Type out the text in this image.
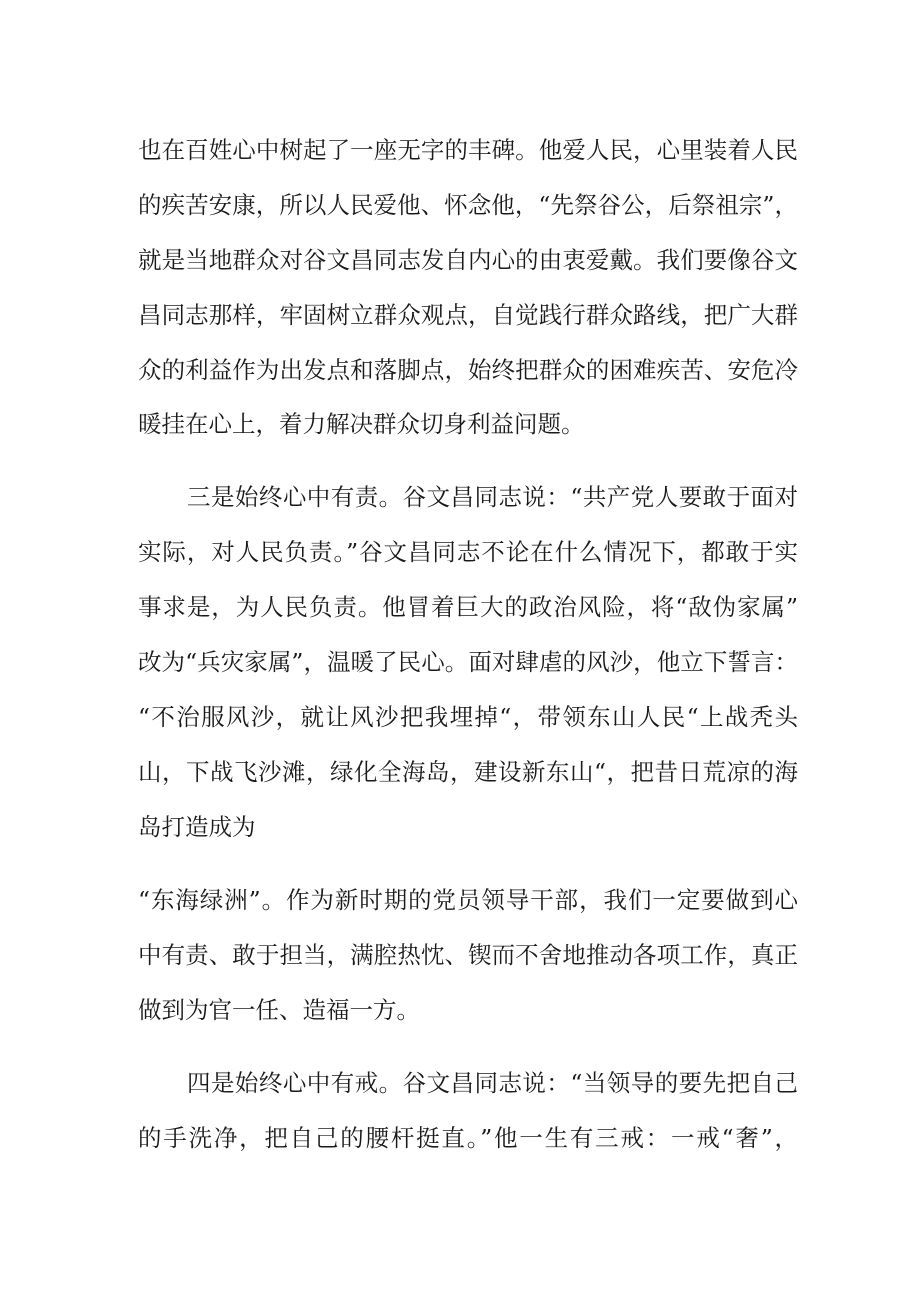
也在百姓心中树起了一座无字的丰碑。他爱人民，心里装着人民
的疾苦安康，所以人民爱他、怀念他，“先祭谷公，后祭祖宗”，
就是当地群众对谷文昌同志发自内心的由衷爱戴。我们要像谷文
昌同志那样，牢固树立群众观点，自觉践行群众路线，把广大群
众的利益作为出发点和落脚点，始终把群众的困难疾苦、安危冷
暖挂在心上，着力解决群众切身利益问题。
三是始终心中有责。谷文昌同志说：“共产党人要敢于面对
实际，对人民负责。”谷文昌同志不论在什么情况下，都敢于实
事求是，为人民负责。他冒着巨大的政治风险，将“敌伪家属”
改为“兵灾家属”，温暖了民心。面对肆虐的风沙，他立下誓言：
“不治服风沙，就让风沙把我埋掉“，带领东山人民“上战秃头
山，下战飞沙滩，绿化全海岛，建设新东山“，把昔日荒凉的海
岛打造成为
“东海绿洲”。作为新时期的党员领导干部，我们一定要做到心
中有责、敢于担当，满腔热忱、锲而不舍地推动各项工作，真正
做到为官一任、造福一方。
四是始终心中有戒。谷文昌同志说：“当领导的要先把自己
的手洗净，把自己的腰杆挺直。”他一生有三戒：一戒“奢”，
